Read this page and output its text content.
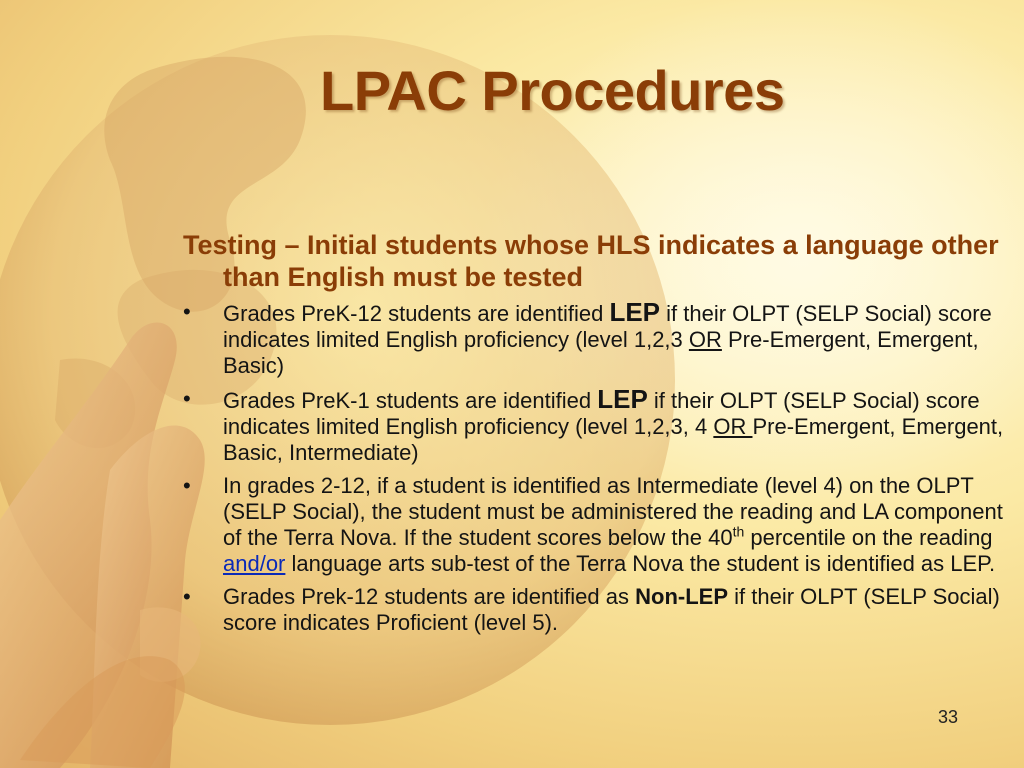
LPAC Procedures

Testing – Initial students whose HLS indicates a language other than English must be tested

• Grades PreK-12 students are identified LEP if their OLPT (SELP Social) score indicates limited English proficiency (level 1,2,3 OR Pre-Emergent, Emergent, Basic)
• Grades PreK-1 students are identified LEP if their OLPT (SELP Social) score indicates limited English proficiency (level 1,2,3, 4 OR Pre-Emergent, Emergent, Basic, Intermediate)
• In grades 2-12, if a student is identified as Intermediate (level 4) on the OLPT (SELP Social), the student must be administered the reading and LA component of the Terra Nova. If the student scores below the 40th percentile on the reading and/or language arts sub-test of the Terra Nova the student is identified as LEP.
• Grades Prek-12 students are identified as Non-LEP if their OLPT (SELP Social) score indicates Proficient (level 5).
33
